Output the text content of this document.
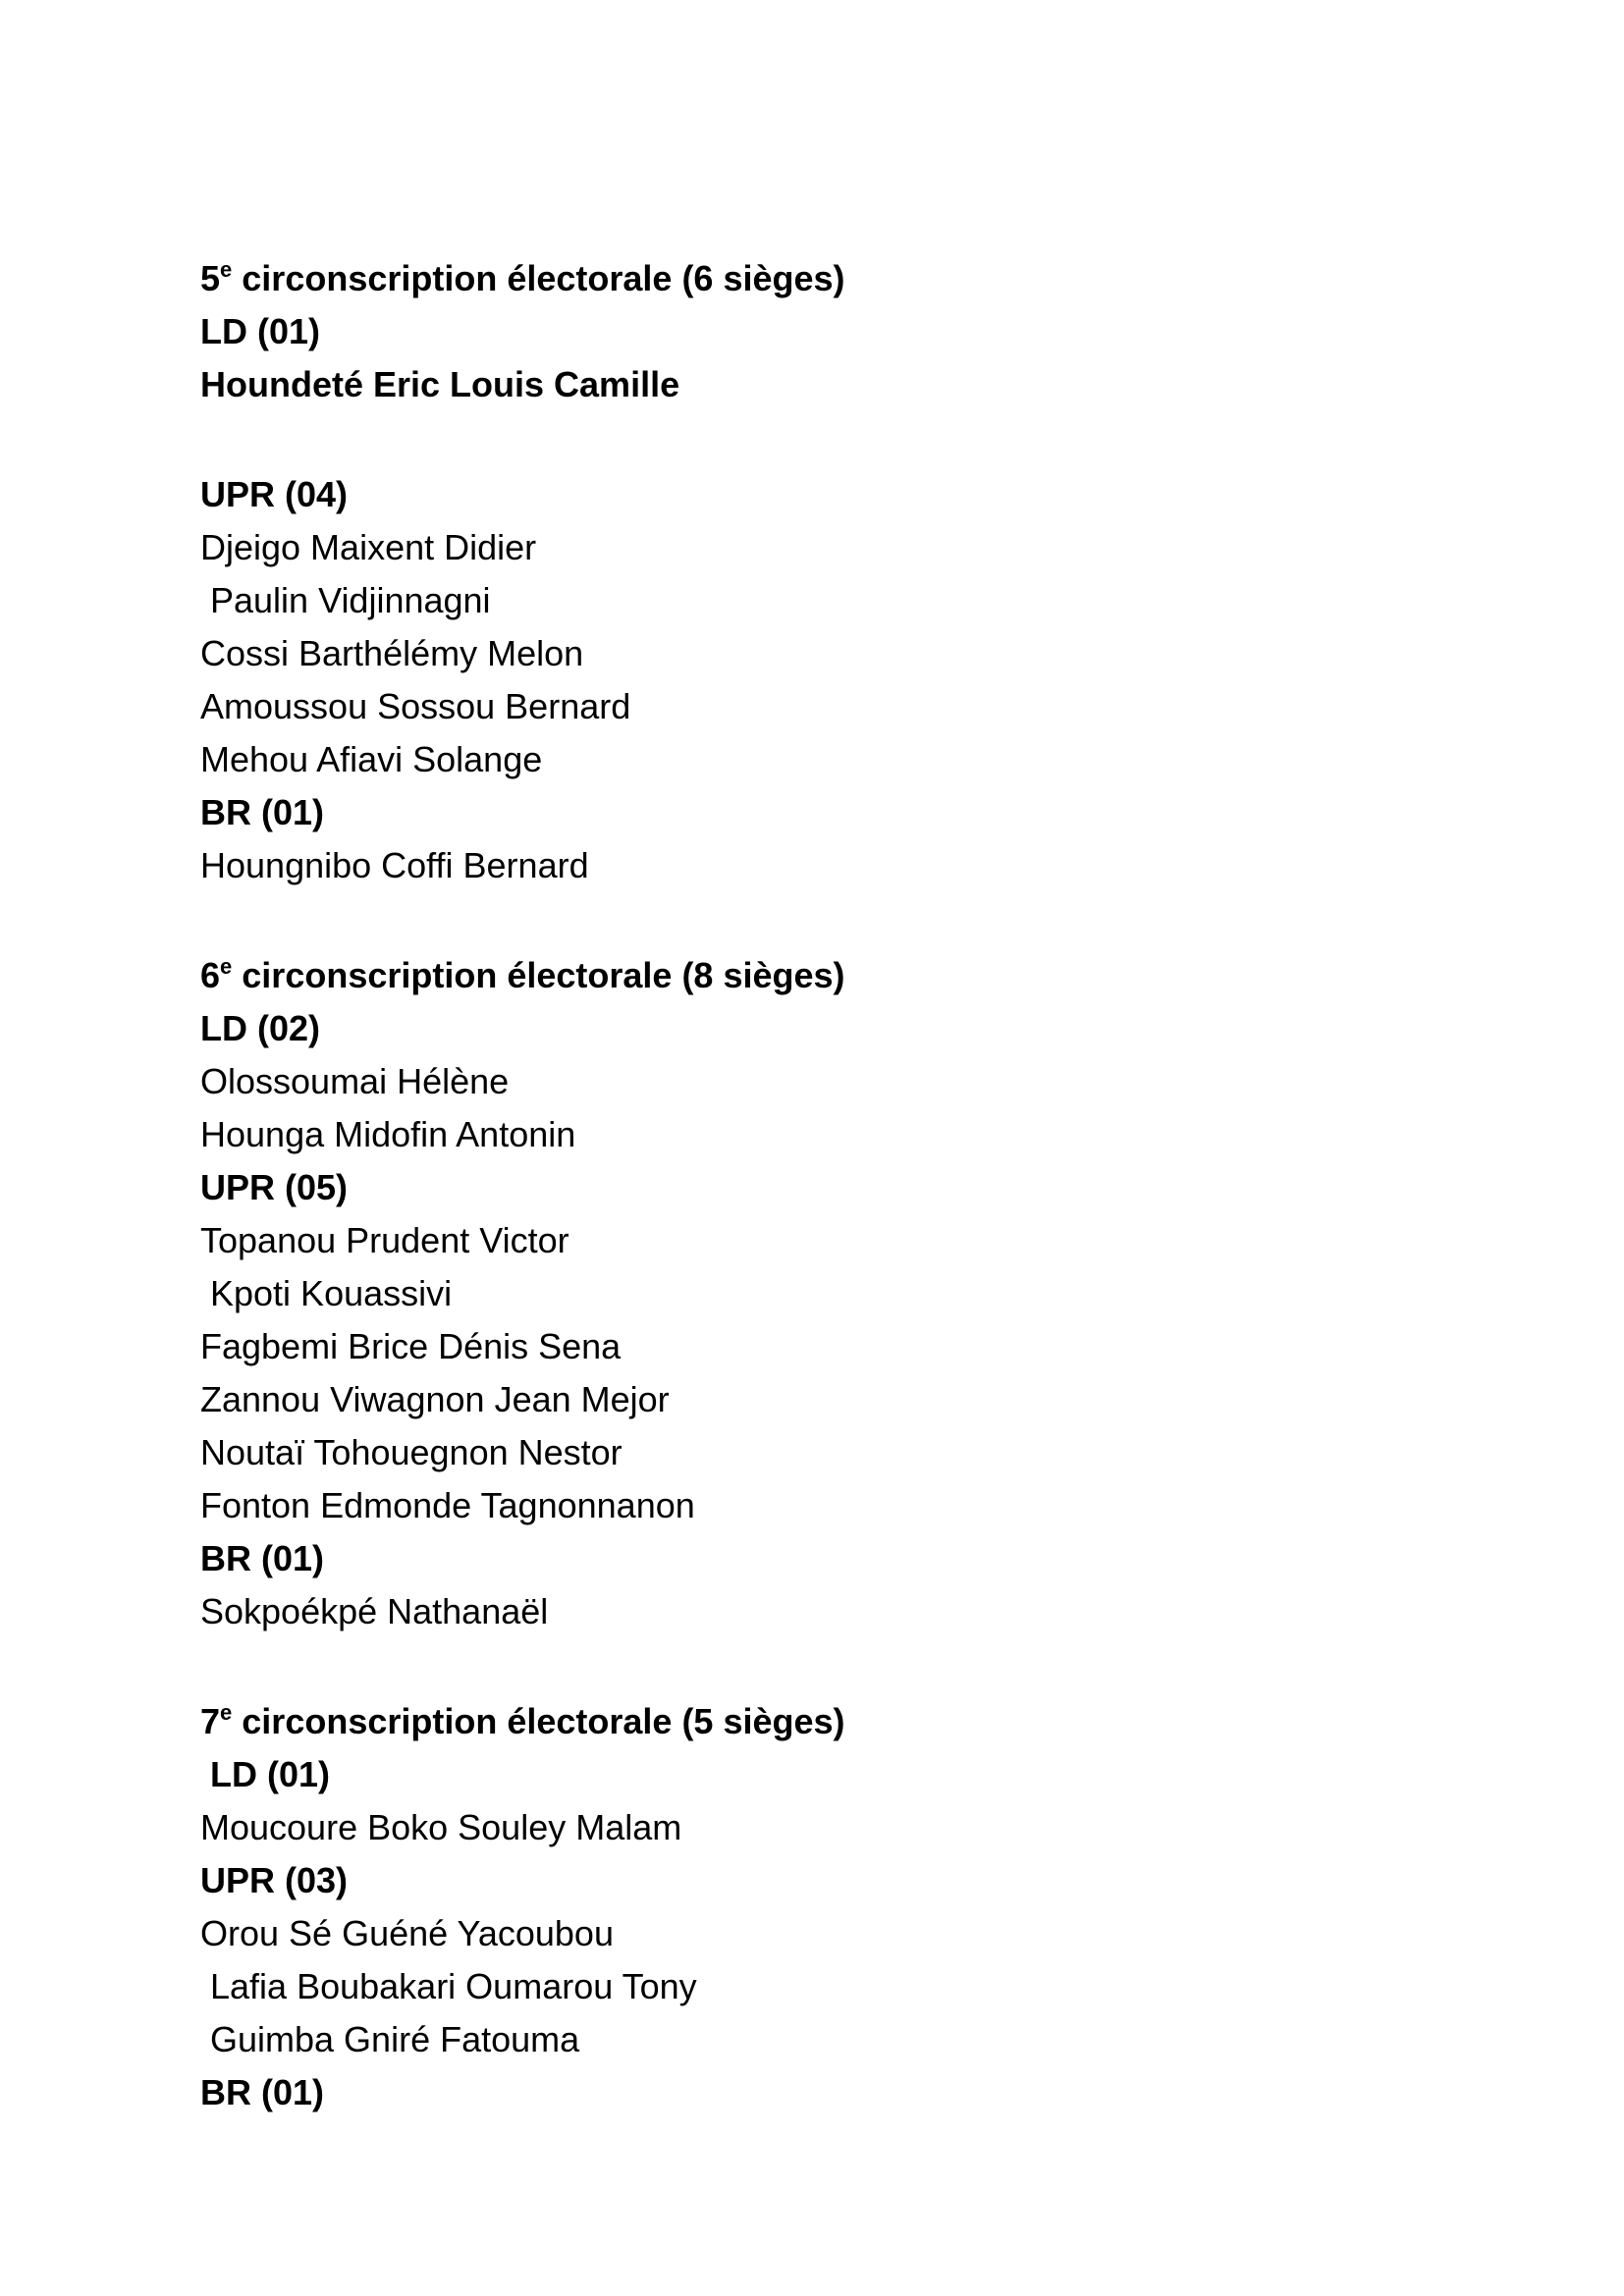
5e circonscription électorale (6 sièges)
LD (01)
Houndeté Eric Louis Camille
UPR (04)
Djeigo Maixent Didier
Paulin Vidjinnagni
Cossi Barthélémy Melon
Amoussou Sossou Bernard
Mehou Afiavi Solange
BR (01)
Houngnibo Coffi Bernard
6e circonscription électorale (8 sièges)
LD (02)
Olossoumai Hélène
Hounga Midofin Antonin
UPR (05)
Topanou Prudent Victor
Kpoti Kouassivi
Fagbemi Brice Dénis Sena
Zannou Viwagnon Jean Mejor
Noutaï Tohouegnon Nestor
Fonton Edmonde Tagnonnanon
BR (01)
Sokpoékpé Nathanaël
7e circonscription électorale (5 sièges)
LD (01)
Moucoure Boko Souley Malam
UPR (03)
Orou Sé Guéné Yacoubou
Lafia Boubakari Oumarou Tony
Guimba Gniré Fatouma
BR (01)
